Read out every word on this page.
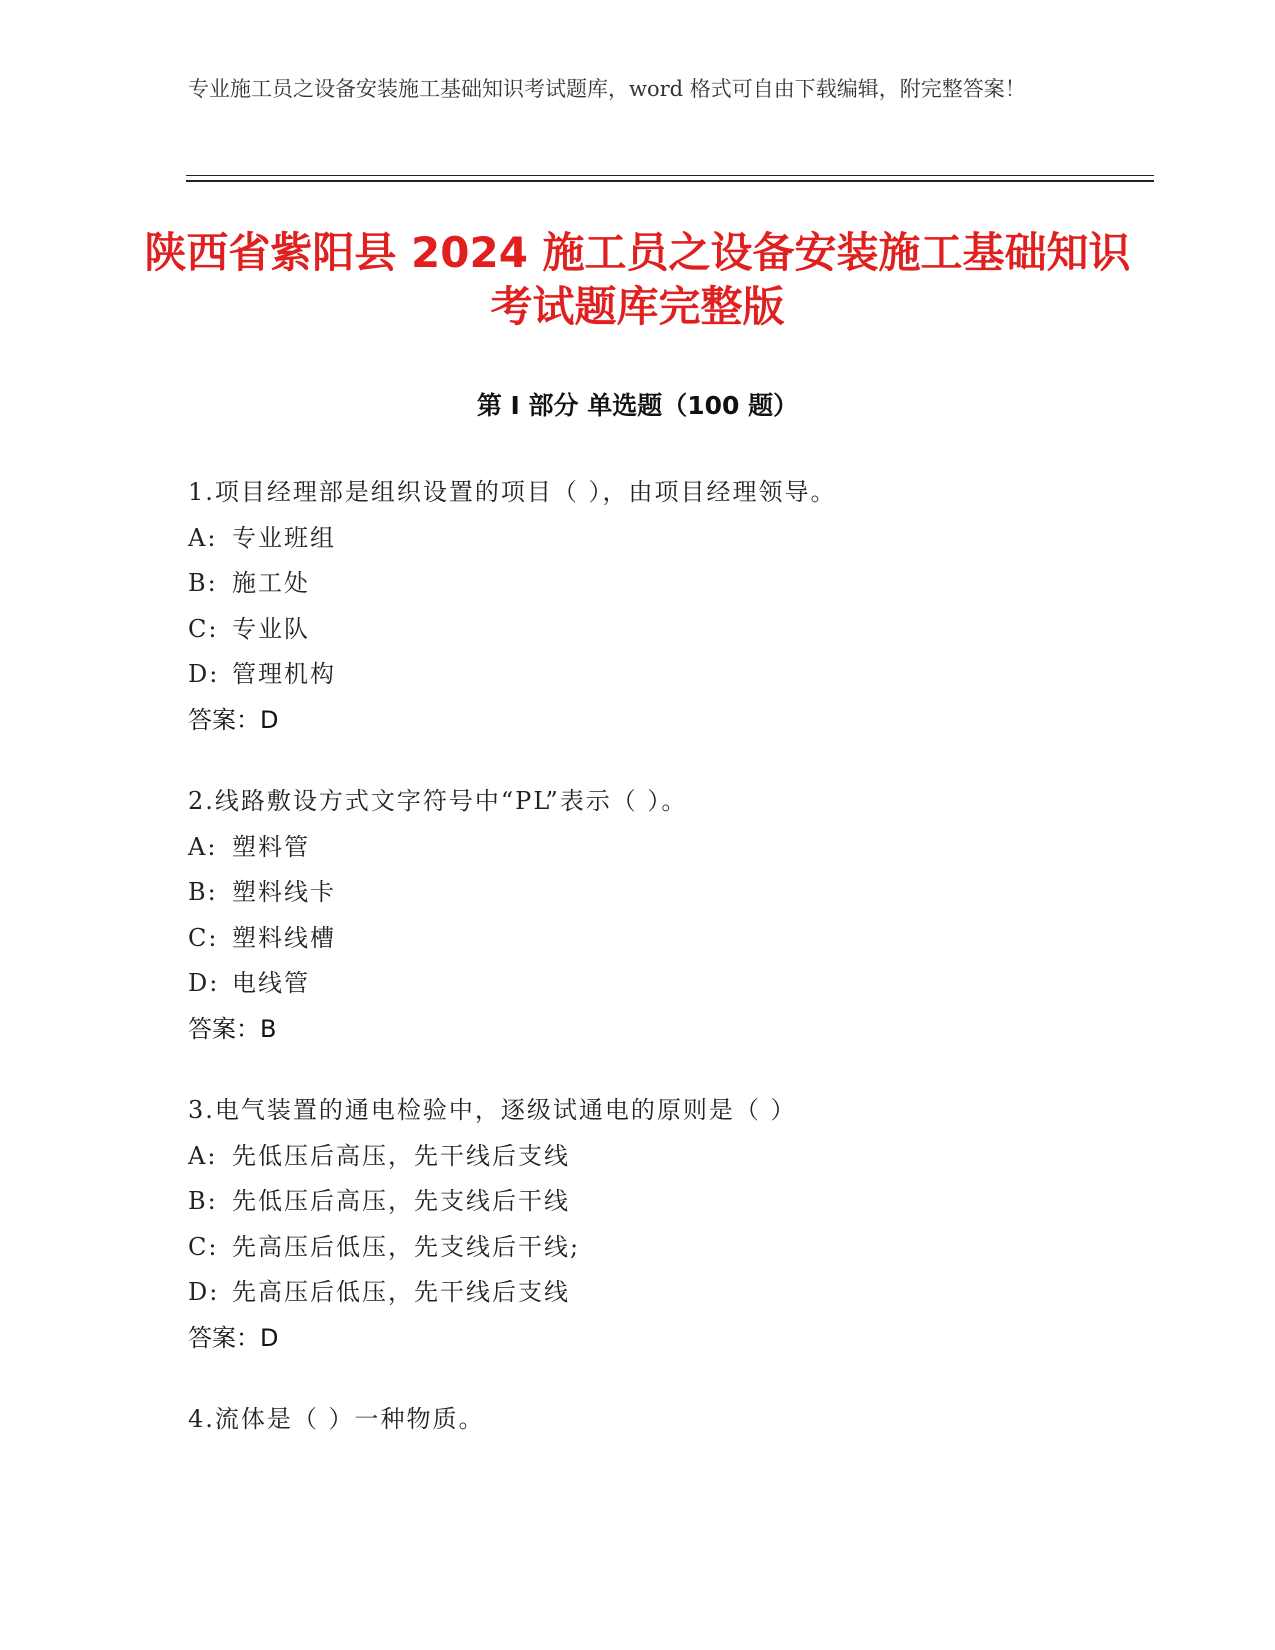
专业施工员之设备安装施工基础知识考试题库，word 格式可自由下载编辑，附完整答案！
陕西省紫阳县 2024 施工员之设备安装施工基础知识考试题库完整版
第 I 部分 单选题（100 题）
1.项目经理部是组织设置的项目（ ），由项目经理领导。
A: 专业班组
B: 施工处
C: 专业队
D: 管理机构
答案：D
2.线路敷设方式文字符号中“PL”表示（ ）。
A: 塑料管
B: 塑料线卡
C: 塑料线槽
D: 电线管
答案：B
3.电气装置的通电检验中，逐级试通电的原则是（ ）
A: 先低压后高压，先干线后支线
B: 先低压后高压，先支线后干线
C: 先高压后低压，先支线后干线;
D: 先高压后低压，先干线后支线
答案：D
4.流体是（ ）一种物质。
